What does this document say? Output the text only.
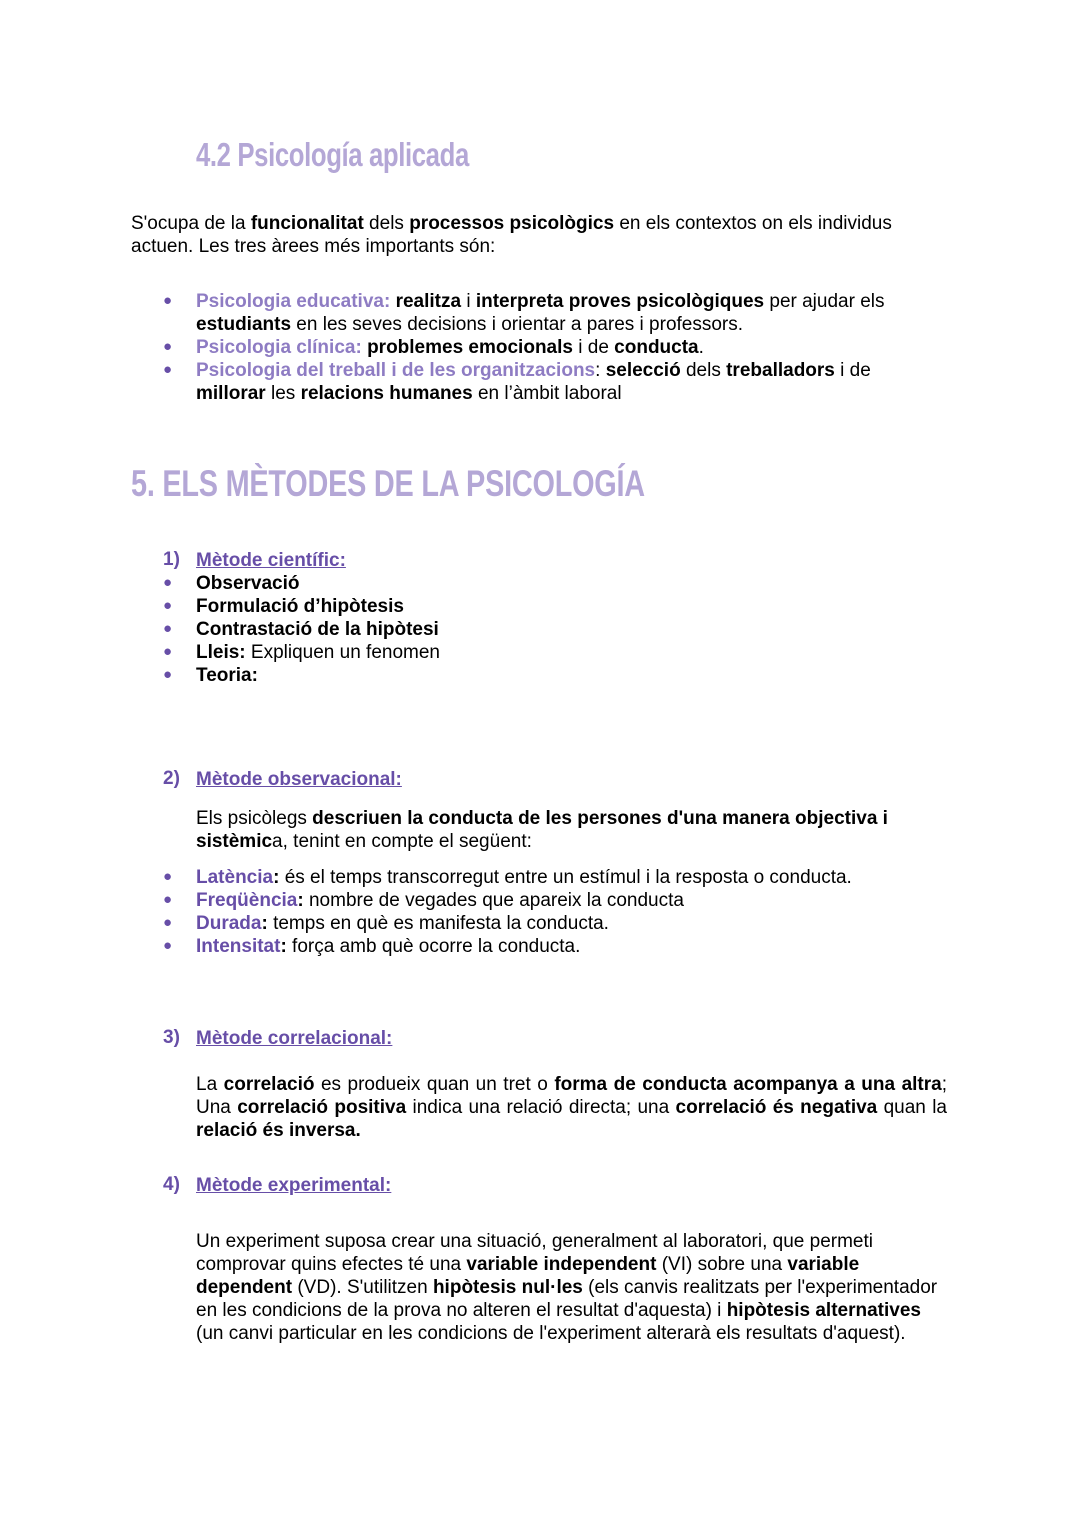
4.2 Psicología aplicada
S'ocupa de la funcionalitat dels processos psicològics en els contextos on els individus actuen. Les tres àrees més importants són:
● Psicologia educativa: realitza i interpreta proves psicològiques per ajudar els
estudiants en les seves decisions i orientar a pares i professors.
● Psicologia clínica: problemes emocionals i de conducta.
● Psicologia del treball i de les organitzacions: selecció dels treballadors i de
millorar les relacions humanes en l’àmbit laboral
5. ELS MÈTODES DE LA PSICOLOGÍA
1) Mètode científic:
● Observació
● Formulació d’hipòtesis
● Contrastació de la hipòtesi
● Lleis: Expliquen un fenomen
● Teoria:
2) Mètode observacional:
Els psicòlegs descriuen la conducta de les persones d'una manera objectiva i sistèmica, tenint en compte el següent:
● Latència: és el temps transcorregut entre un estímul i la resposta o conducta.
● Freqüència: nombre de vegades que apareix la conducta
● Durada: temps en què es manifesta la conducta.
● Intensitat: força amb què ocorre la conducta.
3) Mètode correlacional:
La correlació es produeix quan un tret o forma de conducta acompanya a una altra; Una correlació positiva indica una relació directa; una correlació és negativa quan la relació és inversa.
4) Mètode experimental:
Un experiment suposa crear una situació, generalment al laboratori, que permeti comprovar quins efectes té una variable independent (VI) sobre una variable dependent (VD). S'utilitzen hipòtesis nul·les (els canvis realitzats per l'experimentador en les condicions de la prova no alteren el resultat d'aquesta) i hipòtesis alternatives (un canvi particular en les condicions de l'experiment alterarà els resultats d'aquest).
